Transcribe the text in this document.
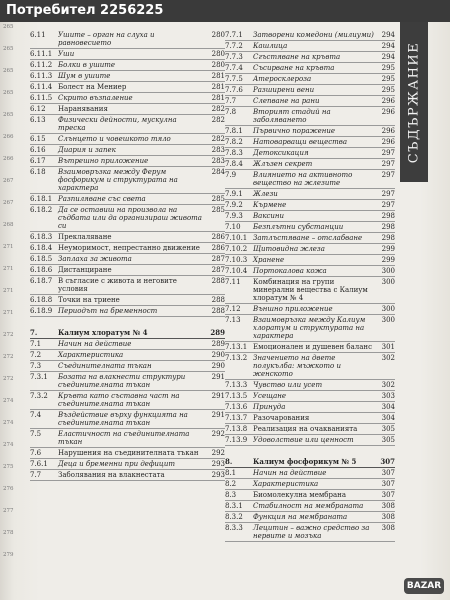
265
265
265
265
265
266
266
267
267
268
271
271
271
271
272
272
272
274
274
274
275
276
277
278
279
6.11	Ушите – орган на слуха и равновесието
280
6.11.1 Уши	280
6.11.2 Болки в ушите	280
6.11.3 Шум в ушите	281
6.11.4 Болест на Мениер	281
6.11.5 Скрито възпаление	281
6.12	Наранявания	282
6.13	Физически дейности, мускулна треска
282
6.15	Слънцето и човешкото тяло	282
6.16	Диария и запек	283
6.17	Вътрешно приложение	283
6.18	Взаимовръзка между Ферум фосфорикум и структурата на характера
284
6.18.1 Разпиляване със света	285
6.18.2 Да се оставиш на произвола на съдбата или да организираш живота си
285
6.18.3 Преклаляване	286
6.18.4 Неуморимост, непрестанно движение	286
6.18.5 Заплаха за живота	287
6.18.6 Дистанциране	287
6.18.7 В съгласие с живота и неговите условия
288
6.18.8 Точки на триене	288
6.18.9 Периодът на бременност	288
7.	Калиум хлоратум № 4	289
7.1	Начин на действие	289
7.2	Характеристика	290
7.3	Съединителната тъкан	290
7.3.1	Бозата на влакнести структури съединителната тъкан
291
7.3.2	Кръвта като съставна част на съединителната тъкан
291
7.4	Въздействие върху функцията на съединителната тъкан
291
7.5	Еластичност на съединителната тъкан
292
7.6	Нарушения на съединителната тъкан	292
7.6.1	Деца и бременни при дефицит	293
7.7	Заболявания на влакнестата	293
7.7.1	Затворени комедони (милиуми)	294
7.7.2	Кашлица	294
7.7.3	Сгъстяване на кръвта	294
7.7.4	Съсирване на кръвта	295
7.7.5	Атеросклероза	295
7.7.6	Разширени вени	295
7.7	Слепване на рани	296
7.8	Вторият стадий на заболяването
296
7.8.1	Първично поражение	296
7.8.2	Натоварващи вещества	296
7.8.3	Детоксикация	297
7.8.4	Жлъзен секрет	297
7.9	Влиянието на активното вещество на жлезите
297
7.9.1	Жлези	297
7.9.2	Кърмене	297
7.9.3	Ваксини	298
7.10	Безплътни субстанции	298
7.10.1 Затлъстяване – отслабване	298
7.10.2 Щитовидна жлеза	299
7.10.3 Хранене	299
7.10.4 Портокалова кожа	300
7.11	Комбинация на групи минерални вещества с Калиум хлоратум № 4
300
7.12	Външно приложение	300
7.13	Взаимовръзка между Калиум хлоратум и структурата на характера
300
7.13.1 Емоционален и душевен баланс	301
7.13.2 Значението на двете полукълба: мъжкото и женското
302
7.13.3 Чувство или усет	302
7.13.5 Усещане	303
7.13.6 Принуда	304
7.13.7 Разочарования	304
7.13.8 Реализация на очакванията	305
7.13.9 Удоволствие или ценност	305
8.	Калиум фосфорикум № 5	307
8.1	Начин на действие	307
8.2	Характеристика	307
8.3	Биомолекулна мембрана	307
8.3.1	Стабилност на мембраната	308
8.3.2	Функция на мембраната	308
8.3.3	Лецитин – важно средство за нервите и мозъка
308
СЪДЪРЖАНИЕ
Потребител 2256225
BAZAR
